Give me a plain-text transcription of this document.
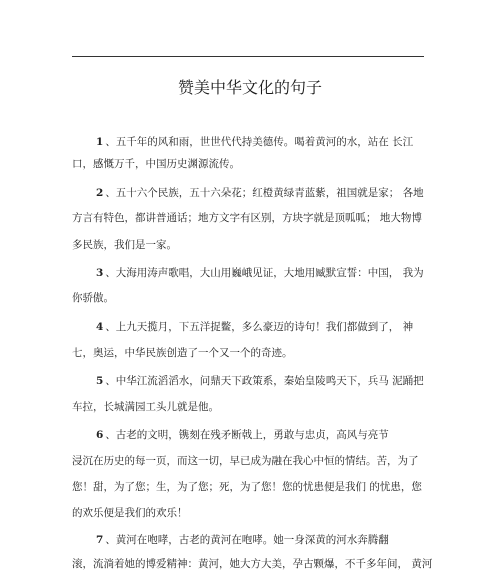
赞美中华文化的句子
1 、五千年的风和雨，世世代代持美德传。喝着黄河的水，站在 长江
口，感慨万千，中国历史渊源流传。
2 、五十六个民族，五十六朵花；红橙黄绿青蓝紫，祖国就是家； 各地
方言有特色，都讲普通话；地方文字有区别，方块字就是顶呱呱； 地大物博
多民族，我们是一家。
3 、大海用涛声歌唱，大山用巍峨见证，大地用臧默宣誓：中国， 我为
你骄傲。
4 、上九天揽月，下五洋捉鳖，多么豪迈的诗句！我们都做到了， 神
七，奥运，中华民族创造了一个又一个的奇迹。
5 、中华江流滔滔水，问鼎天下政策系，秦始皇陵鸣天下，兵马 泥踊把
车拉，长城满园工头儿就是他。
6 、古老的文明，镌刻在残矛断戟上，勇敢与忠贞，高风与亮节
浸沉在历史的每一页，而这一切，早已成为融在我心中恒的情结。苦，为了
您！甜，为了您；生，为了您；死，为了您！您的忧患便是我们 的忧患，您
的欢乐便是我们的欢乐！
7 、黄河在咆哮，古老的黄河在咆哮。她一身深黄的河水奔腾翻
滚，流淌着她的博爱精神：黄河，她大方大美，孕古颗爆，不千多年间， 黄河
